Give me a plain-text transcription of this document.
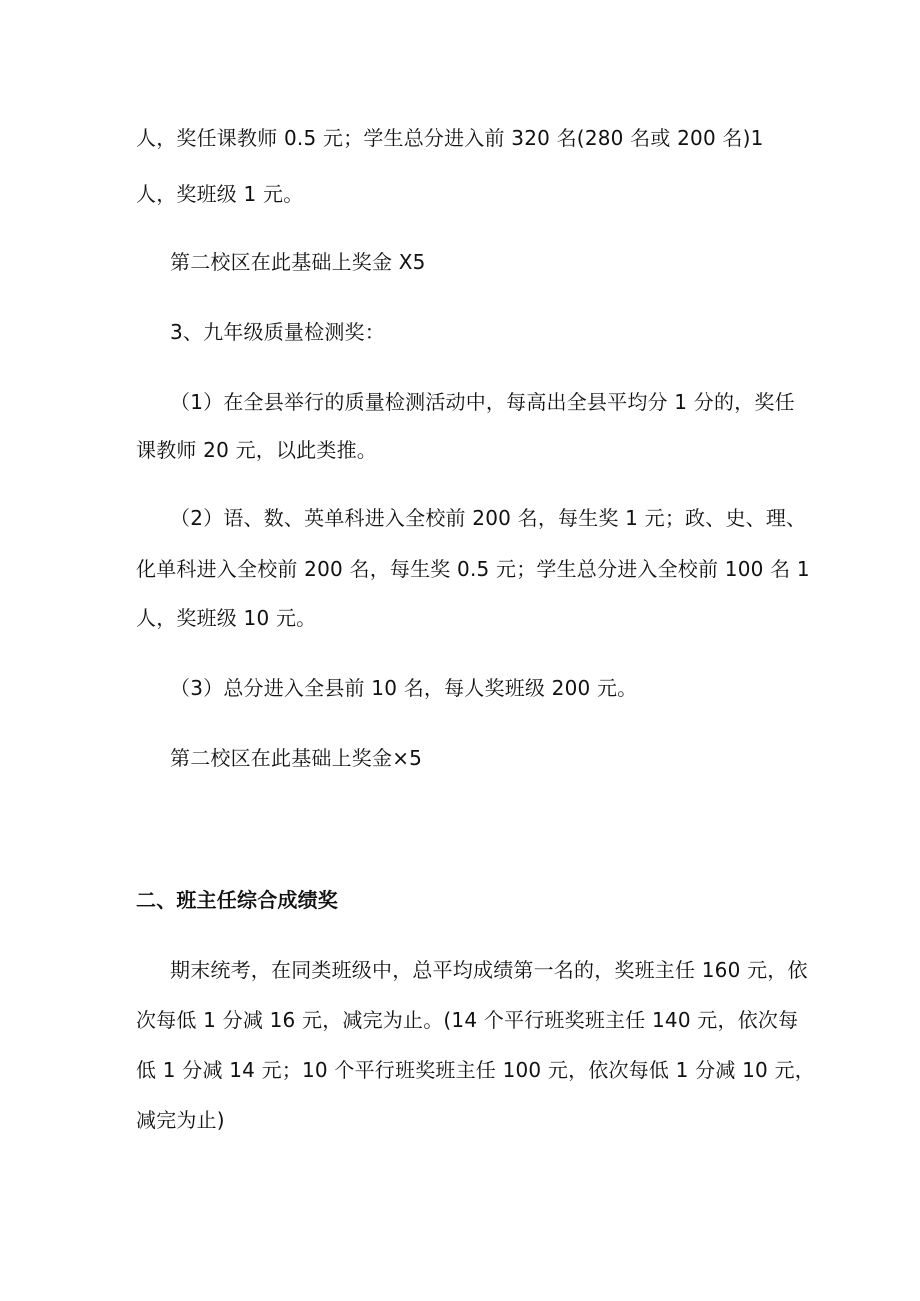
人，奖任课教师 0.5 元；学生总分进入前 320 名(280 名或 200 名)1
人，奖班级 1 元。
第二校区在此基础上奖金 X5
3、九年级质量检测奖：
（1）在全县举行的质量检测活动中，每高出全县平均分 1 分的，奖任
课教师 20 元，以此类推。
（2）语、数、英单科进入全校前 200 名，每生奖 1 元；政、史、理、
化单科进入全校前 200 名，每生奖 0.5 元；学生总分进入全校前 100 名 1
人，奖班级 10 元。
（3）总分进入全县前 10 名，每人奖班级 200 元。
第二校区在此基础上奖金×5
二、班主任综合成绩奖
期末统考，在同类班级中，总平均成绩第一名的，奖班主任 160 元，依
次每低 1 分减 16 元，减完为止。(14 个平行班奖班主任 140 元，依次每
低 1 分减 14 元；10 个平行班奖班主任 100 元，依次每低 1 分减 10 元，
减完为止)
